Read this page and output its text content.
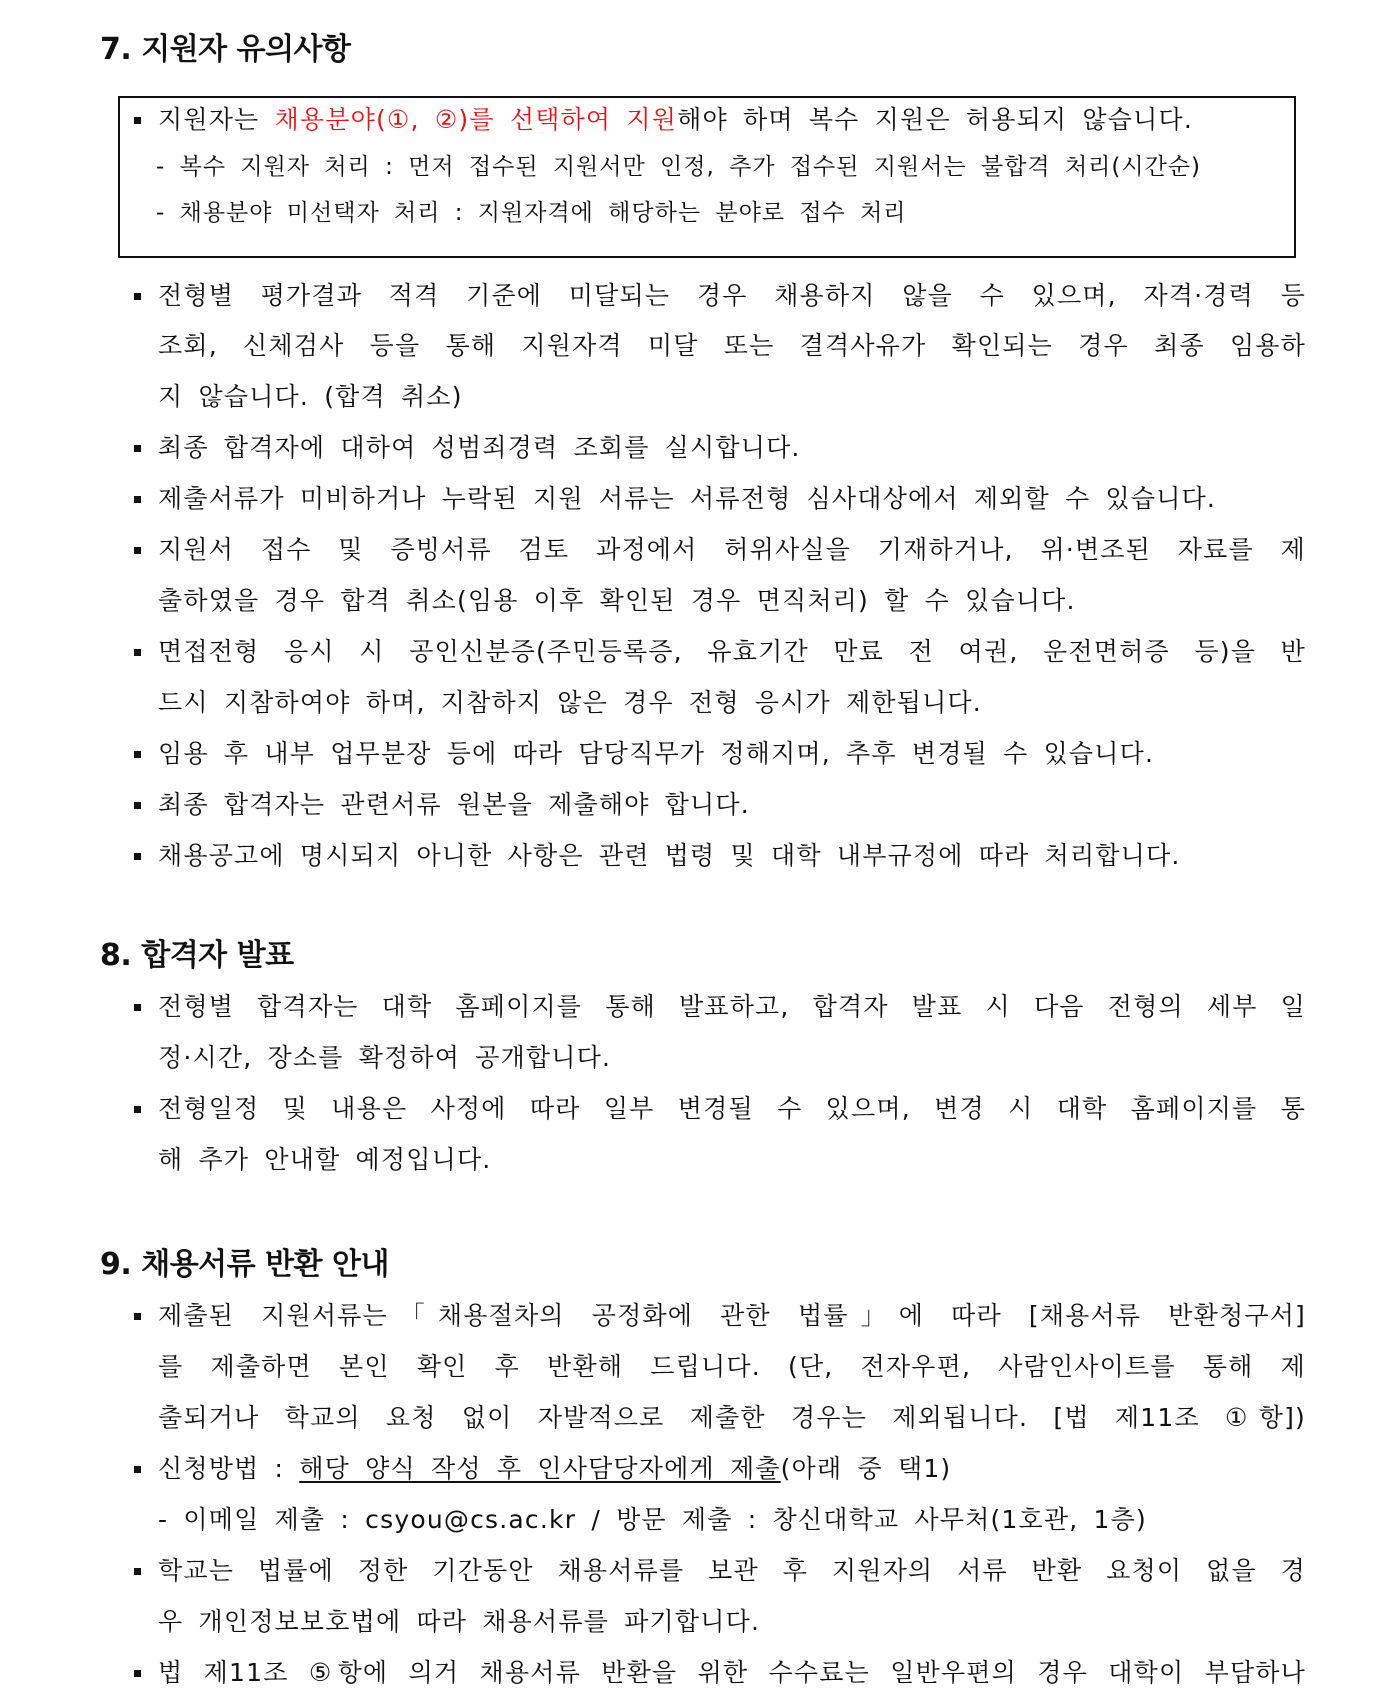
7. 지원자 유의사항
지원자는 채용분야(①, ②)를 선택하여 지원해야 하며 복수 지원은 허용되지 않습니다.
- 복수 지원자 처리 : 먼저 접수된 지원서만 인정, 추가 접수된 지원서는 불합격 처리(시간순)
- 채용분야 미선택자 처리 : 지원자격에 해당하는 분야로 접수 처리
전형별 평가결과 적격 기준에 미달되는 경우 채용하지 않을 수 있으며, 자격·경력 등
조회, 신체검사 등을 통해 지원자격 미달 또는 결격사유가 확인되는 경우 최종 임용하
지 않습니다. (합격 취소)
최종 합격자에 대하여 성범죄경력 조회를 실시합니다.
제출서류가 미비하거나 누락된 지원 서류는 서류전형 심사대상에서 제외할 수 있습니다.
지원서 접수 및 증빙서류 검토 과정에서 허위사실을 기재하거나, 위·변조된 자료를 제
출하였을 경우 합격 취소(임용 이후 확인된 경우 면직처리) 할 수 있습니다.
면접전형 응시 시 공인신분증(주민등록증, 유효기간 만료 전 여권, 운전면허증 등)을 반
드시 지참하여야 하며, 지참하지 않은 경우 전형 응시가 제한됩니다.
임용 후 내부 업무분장 등에 따라 담당직무가 정해지며, 추후 변경될 수 있습니다.
최종 합격자는 관련서류 원본을 제출해야 합니다.
채용공고에 명시되지 아니한 사항은 관련 법령 및 대학 내부규정에 따라 처리합니다.
8. 합격자 발표
전형별 합격자는 대학 홈페이지를 통해 발표하고, 합격자 발표 시 다음 전형의 세부 일
정·시간, 장소를 확정하여 공개합니다.
전형일정 및 내용은 사정에 따라 일부 변경될 수 있으며, 변경 시 대학 홈페이지를 통
해 추가 안내할 예정입니다.
9. 채용서류 반환 안내
제출된 지원서류는「채용절차의 공정화에 관한 법률」에 따라 [채용서류 반환청구서]
를 제출하면 본인 확인 후 반환해 드립니다. (단, 전자우편, 사람인사이트를 통해 제
출되거나 학교의 요청 없이 자발적으로 제출한 경우는 제외됩니다. [법 제11조 ①항])
신청방법 : 해당 양식 작성 후 인사담당자에게 제출(아래 중 택1)
- 이메일 제출 : csyou@cs.ac.kr / 방문 제출 : 창신대학교 사무처(1호관, 1층)
학교는 법률에 정한 기간동안 채용서류를 보관 후 지원자의 서류 반환 요청이 없을 경
우 개인정보보호법에 따라 채용서류를 파기합니다.
법 제11조 ⑤항에 의거 채용서류 반환을 위한 수수료는 일반우편의 경우 대학이 부담하나
